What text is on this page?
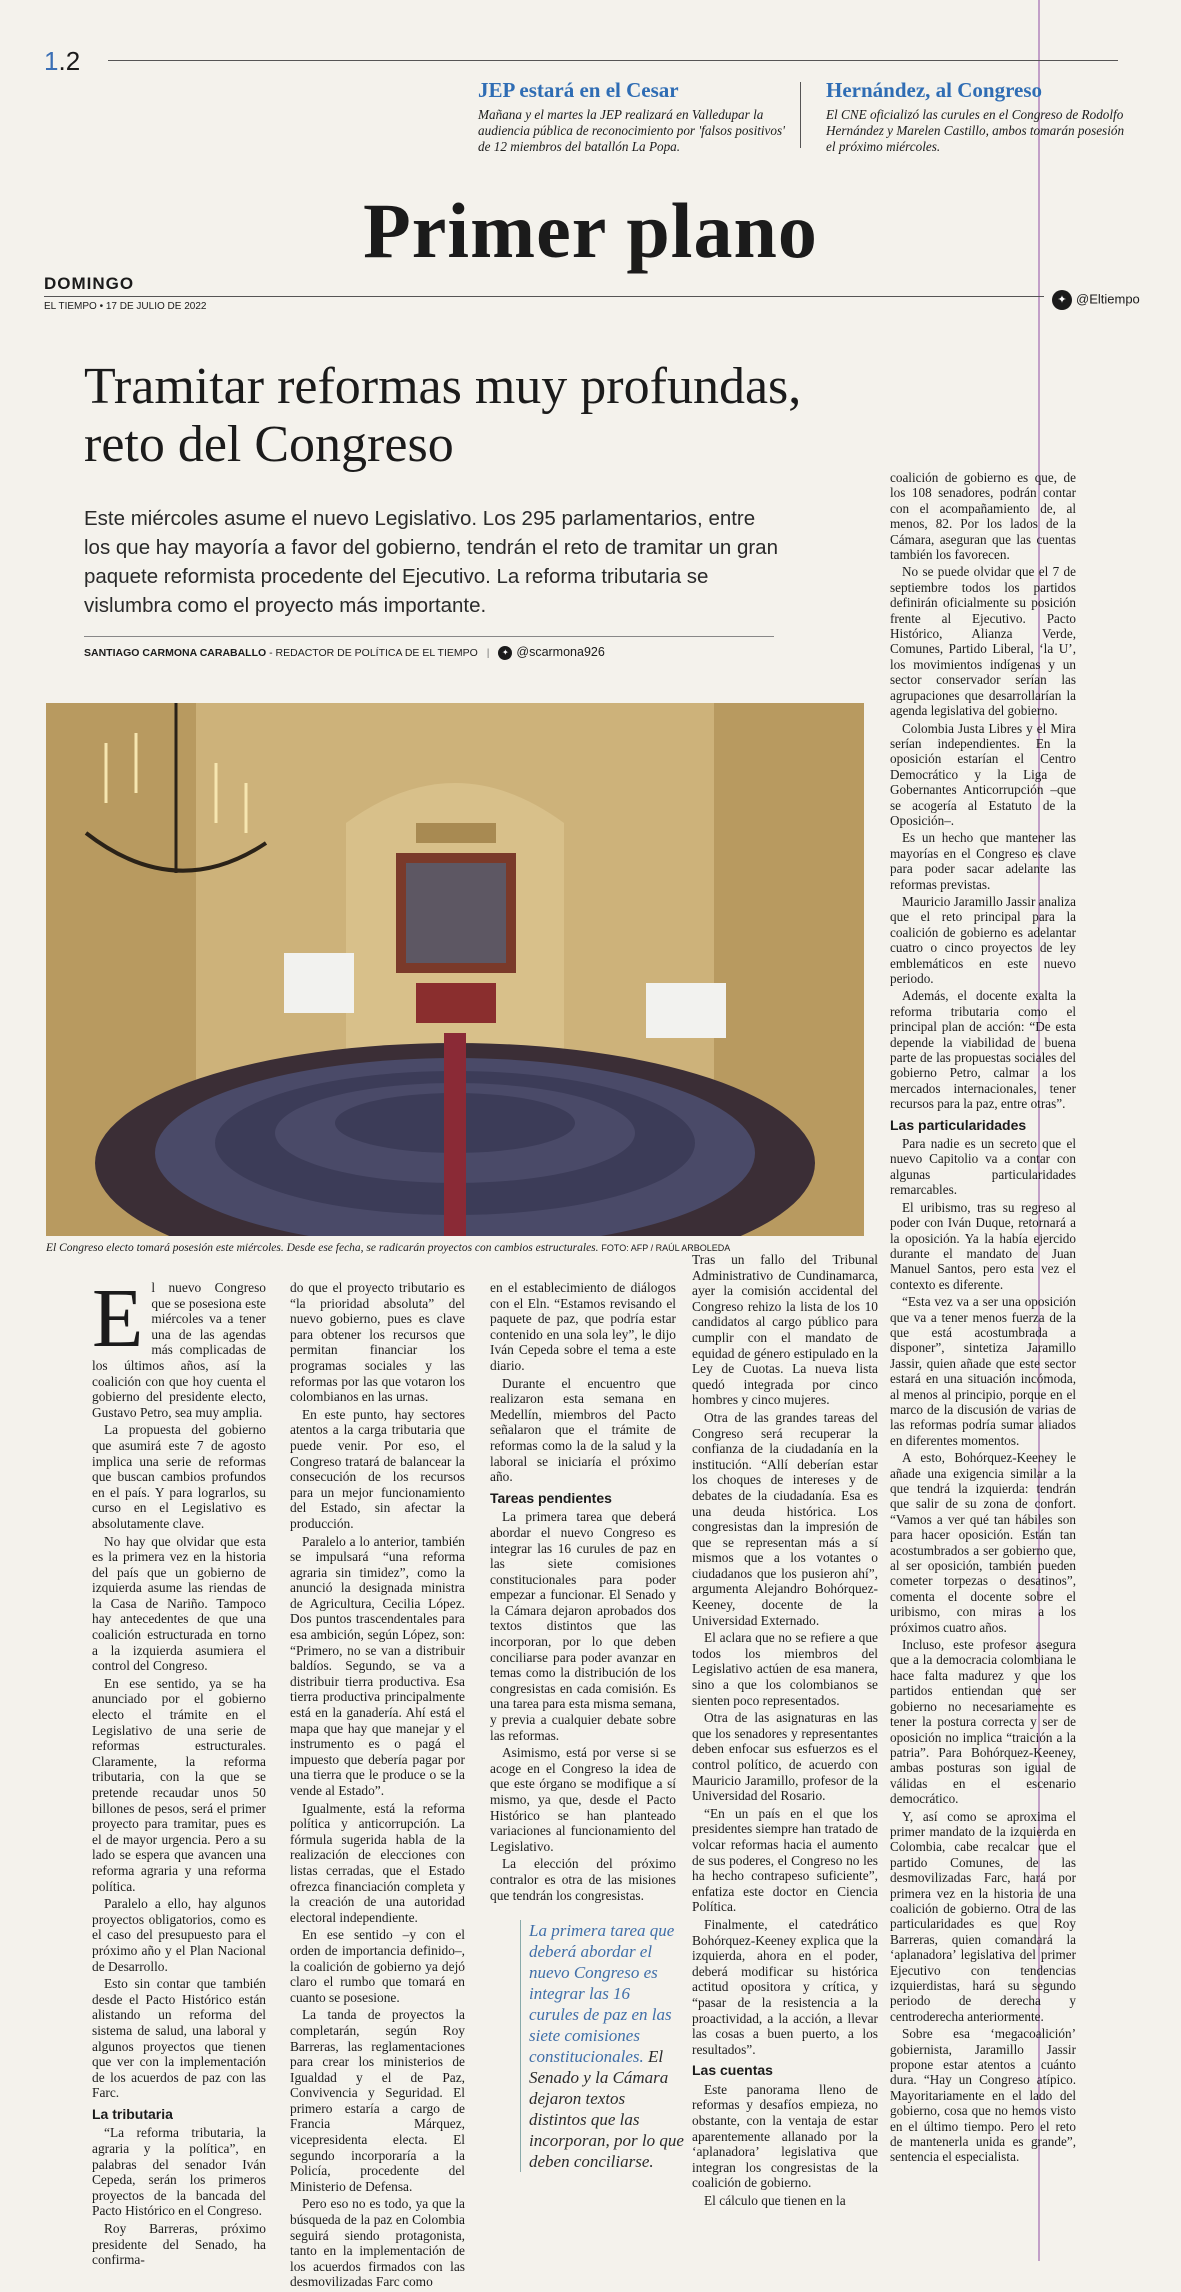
1.2
JEP estará en el Cesar

Mañana y el martes la JEP realizará en Valledupar la audiencia pública de reconocimiento por 'falsos positivos' de 12 miembros del batallón La Popa.

Hernández, al Congreso

El CNE oficializó las curules en el Congreso de Rodolfo Hernández y Marelen Castillo, ambos tomarán posesión el próximo miércoles.

Primer plano
DOMINGO
EL TIEMPO • 17 DE JULIO DE 2022
✦ @Eltiempo
Tramitar reformas muy profundas, reto del Congreso
Este miércoles asume el nuevo Legislativo. Los 295 parlamentarios, entre los que hay mayoría a favor del gobierno, tendrán el reto de tramitar un gran paquete reformista procedente del Ejecutivo. La reforma tributaria se vislumbra como el proyecto más importante.
SANTIAGO CARMONA CARABALLO - REDACTOR DE POLÍTICA DE EL TIEMPO | ✦ @scarmona926
El Congreso electo tomará posesión este miércoles. Desde ese fecha, se radicarán proyectos con cambios estructurales. FOTO: AFP / RAÚL ARBOLEDA

El nuevo Congreso que se posesiona este miércoles va a tener una de las agendas más complicadas de los últimos años, así la coalición con que hoy cuenta el gobierno del presidente electo, Gustavo Petro, sea muy amplia.

La propuesta del gobierno que asumirá este 7 de agosto implica una serie de reformas que buscan cambios profundos en el país. Y para lograrlos, su curso en el Legislativo es absolutamente clave.

No hay que olvidar que esta es la primera vez en la historia del país que un gobierno de izquierda asume las riendas de la Casa de Nariño. Tampoco hay antecedentes de que una coalición estructurada en torno a la izquierda asumiera el control del Congreso.

En ese sentido, ya se ha anunciado por el gobierno electo el trámite en el Legislativo de una serie de reformas estructurales. Claramente, la reforma tributaria, con la que se pretende recaudar unos 50 billones de pesos, será el primer proyecto para tramitar, pues es el de mayor urgencia. Pero a su lado se espera que avancen una reforma agraria y una reforma política.

Paralelo a ello, hay algunos proyectos obligatorios, como es el caso del presupuesto para el próximo año y el Plan Nacional de Desarrollo.

Esto sin contar que también desde el Pacto Histórico están alistando un reforma del sistema de salud, una laboral y algunos proyectos que tienen que ver con la implementación de los acuerdos de paz con las Farc.

La tributaria

“La reforma tributaria, la agraria y la política”, en palabras del senador Iván Cepeda, serán los primeros proyectos de la bancada del Pacto Histórico en el Congreso.

Roy Barreras, próximo presidente del Senado, ha confirma-

do que el proyecto tributario es “la prioridad absoluta” del nuevo gobierno, pues es clave para obtener los recursos que permitan financiar los programas sociales y las reformas por las que votaron los colombianos en las urnas.

En este punto, hay sectores atentos a la carga tributaria que puede venir. Por eso, el Congreso tratará de balancear la consecución de los recursos para un mejor funcionamiento del Estado, sin afectar la producción.

Paralelo a lo anterior, también se impulsará “una reforma agraria sin timidez”, como la anunció la designada ministra de Agricultura, Cecilia López. Dos puntos trascendentales para esa ambición, según López, son: “Primero, no se van a distribuir baldíos. Segundo, se va a distribuir tierra productiva. Esa tierra productiva principalmente está en la ganadería. Ahí está el mapa que hay que manejar y el instrumento es o pagá el impuesto que debería pagar por una tierra que le produce o se la vende al Estado”.

Igualmente, está la reforma política y anticorrupción. La fórmula sugerida habla de la realización de elecciones con listas cerradas, que el Estado ofrezca financiación completa y la creación de una autoridad electoral independiente.

En ese sentido –y con el orden de importancia definido–, la coalición de gobierno ya dejó claro el rumbo que tomará en cuanto se posesione.

La tanda de proyectos la completarán, según Roy Barreras, las reglamentaciones para crear los ministerios de Igualdad y el de Paz, Convivencia y Seguridad. El primero estaría a cargo de Francia Márquez, vicepresidenta electa. El segundo incorporaría a la Policía, procedente del Ministerio de Defensa.

Pero eso no es todo, ya que la búsqueda de la paz en Colombia seguirá siendo protagonista, tanto en la implementación de los acuerdos firmados con las desmovilizadas Farc como

en el establecimiento de diálogos con el Eln. “Estamos revisando el paquete de paz, que podría estar contenido en una sola ley”, le dijo Iván Cepeda sobre el tema a este diario.

Durante el encuentro que realizaron esta semana en Medellín, miembros del Pacto señalaron que el trámite de reformas como la de la salud y la laboral se iniciaría el próximo año.

Tareas pendientes

La primera tarea que deberá abordar el nuevo Congreso es integrar las 16 curules de paz en las siete comisiones constitucionales para poder empezar a funcionar. El Senado y la Cámara dejaron aprobados dos textos distintos que las incorporan, por lo que deben conciliarse para poder avanzar en temas como la distribución de los congresistas en cada comisión. Es una tarea para esta misma semana, y previa a cualquier debate sobre las reformas.

Asimismo, está por verse si se acoge en el Congreso la idea de que este órgano se modifique a sí mismo, ya que, desde el Pacto Histórico se han planteado variaciones al funcionamiento del Legislativo.

La elección del próximo contralor es otra de las misiones que tendrán los congresistas.

La primera tarea que deberá abordar el nuevo Congreso es integrar las 16 curules de paz en las siete comisiones constitucionales. El Senado y la Cámara dejaron textos distintos que las incorporan, por lo que deben conciliarse.

Tras un fallo del Tribunal Administrativo de Cundinamarca, ayer la comisión accidental del Congreso rehizo la lista de los 10 candidatos al cargo público para cumplir con el mandato de equidad de género estipulado en la Ley de Cuotas. La nueva lista quedó integrada por cinco hombres y cinco mujeres.

Otra de las grandes tareas del Congreso será recuperar la confianza de la ciudadanía en la institución. “Allí deberían estar los choques de intereses y de debates de la ciudadanía. Esa es una deuda histórica. Los congresistas dan la impresión de que se representan más a sí mismos que a los votantes o ciudadanos que los pusieron ahí”, argumenta Alejandro Bohórquez-Keeney, docente de la Universidad Externado.

El aclara que no se refiere a que todos los miembros del Legislativo actúen de esa manera, sino a que los colombianos se sienten poco representados.

Otra de las asignaturas en las que los senadores y representantes deben enfocar sus esfuerzos es el control político, de acuerdo con Mauricio Jaramillo, profesor de la Universidad del Rosario.

“En un país en el que los presidentes siempre han tratado de volcar reformas hacia el aumento de sus poderes, el Congreso no les ha hecho contrapeso suficiente”, enfatiza este doctor en Ciencia Política.

Finalmente, el catedrático Bohórquez-Keeney explica que la izquierda, ahora en el poder, deberá modificar su histórica actitud opositora y crítica, y “pasar de la resistencia a la proactividad, a la acción, a llevar las cosas a buen puerto, a los resultados”.

Las cuentas

Este panorama lleno de reformas y desafíos empieza, no obstante, con la ventaja de estar aparentemente allanado por la ‘aplanadora’ legislativa que integran los congresistas de la coalición de gobierno.

El cálculo que tienen en la

coalición de gobierno es que, de los 108 senadores, podrán contar con el acompañamiento de, al menos, 82. Por los lados de la Cámara, aseguran que las cuentas también los favorecen.

No se puede olvidar que el 7 de septiembre todos los partidos definirán oficialmente su posición frente al Ejecutivo. Pacto Histórico, Alianza Verde, Comunes, Partido Liberal, ‘la U’, los movimientos indígenas y un sector conservador serían las agrupaciones que desarrollarían la agenda legislativa del gobierno.

Colombia Justa Libres y el Mira serían independientes. En la oposición estarían el Centro Democrático y la Liga de Gobernantes Anticorrupción –que se acogería al Estatuto de la Oposición–.

Es un hecho que mantener las mayorías en el Congreso es clave para poder sacar adelante las reformas previstas.

Mauricio Jaramillo Jassir analiza que el reto principal para la coalición de gobierno es adelantar cuatro o cinco proyectos de ley emblemáticos en este nuevo periodo.

Además, el docente exalta la reforma tributaria como el principal plan de acción: “De esta depende la viabilidad de buena parte de las propuestas sociales del gobierno Petro, calmar a los mercados internacionales, tener recursos para la paz, entre otras”.

Las particularidades

Para nadie es un secreto que el nuevo Capitolio va a contar con algunas particularidades remarcables.

El uribismo, tras su regreso al poder con Iván Duque, retornará a la oposición. Ya la había ejercido durante el mandato de Juan Manuel Santos, pero esta vez el contexto es diferente.

“Esta vez va a ser una oposición que va a tener menos fuerza de la que está acostumbrada a disponer”, sintetiza Jaramillo Jassir, quien añade que este sector estará en una situación incómoda, al menos al principio, porque en el marco de la discusión de varias de las reformas podría sumar aliados en diferentes momentos.

A esto, Bohórquez-Keeney le añade una exigencia similar a la que tendrá la izquierda: tendrán que salir de su zona de confort. “Vamos a ver qué tan hábiles son para hacer oposición. Están tan acostumbrados a ser gobierno que, al ser oposición, también pueden cometer torpezas o desatinos”, comenta el docente sobre el uribismo, con miras a los próximos cuatro años.

Incluso, este profesor asegura que a la democracia colombiana le hace falta madurez y que los partidos entiendan que ser gobierno no necesariamente es tener la postura correcta y ser de oposición no implica “traición a la patria”. Para Bohórquez-Keeney, ambas posturas son igual de válidas en el escenario democrático.

Y, así como se aproxima el primer mandato de la izquierda en Colombia, cabe recalcar que el partido Comunes, de las desmovilizadas Farc, hará por primera vez en la historia de una coalición de gobierno. Otra de las particularidades es que Roy Barreras, quien comandará la ‘aplanadora’ legislativa del primer Ejecutivo con tendencias izquierdistas, hará su segundo periodo de derecha y centroderecha anteriormente.

Sobre esa ‘megacoalición’ gobiernista, Jaramillo Jassir propone estar atentos a cuánto dura. “Hay un Congreso atípico. Mayoritariamente en el lado del gobierno, cosa que no hemos visto en el último tiempo. Pero el reto de mantenerla unida es grande”, sentencia el especialista.
